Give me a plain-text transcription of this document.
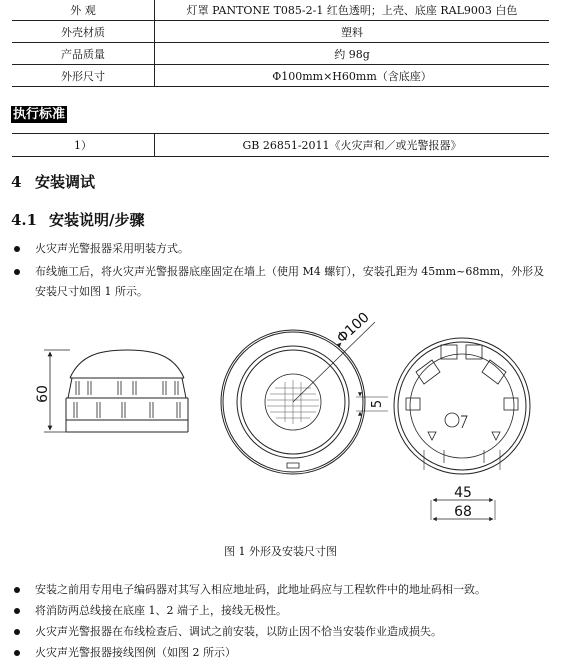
外 观	灯罩 PANTONE T085-2-1 红色透明；上壳、底座 RAL9003 白色
外壳材质	塑料
产品质量	约 98g
外形尺寸	Φ100mm×H60mm（含底座）
执行标准
1）	GB 26851-2011《火灾声和／或光警报器》
4 安装调试
4.1 安装说明/步骤
火灾声光警报器采用明装方式。
布线施工后，将火灾声光警报器底座固定在墙上（使用 M4 螺钉），安装孔距为 45mm~68mm，外形及安装尺寸如图 1 所示。
60
Φ100
5
45
68
图 1 外形及安装尺寸图
安装之前用专用电子编码器对其写入相应地址码，此地址码应与工程软件中的地址码相一致。
将消防两总线接在底座 1、2 端子上，接线无极性。
火灾声光警报器在布线检查后、调试之前安装，以防止因不恰当安装作业造成损失。
火灾声光警报器接线图例（如图 2 所示）
